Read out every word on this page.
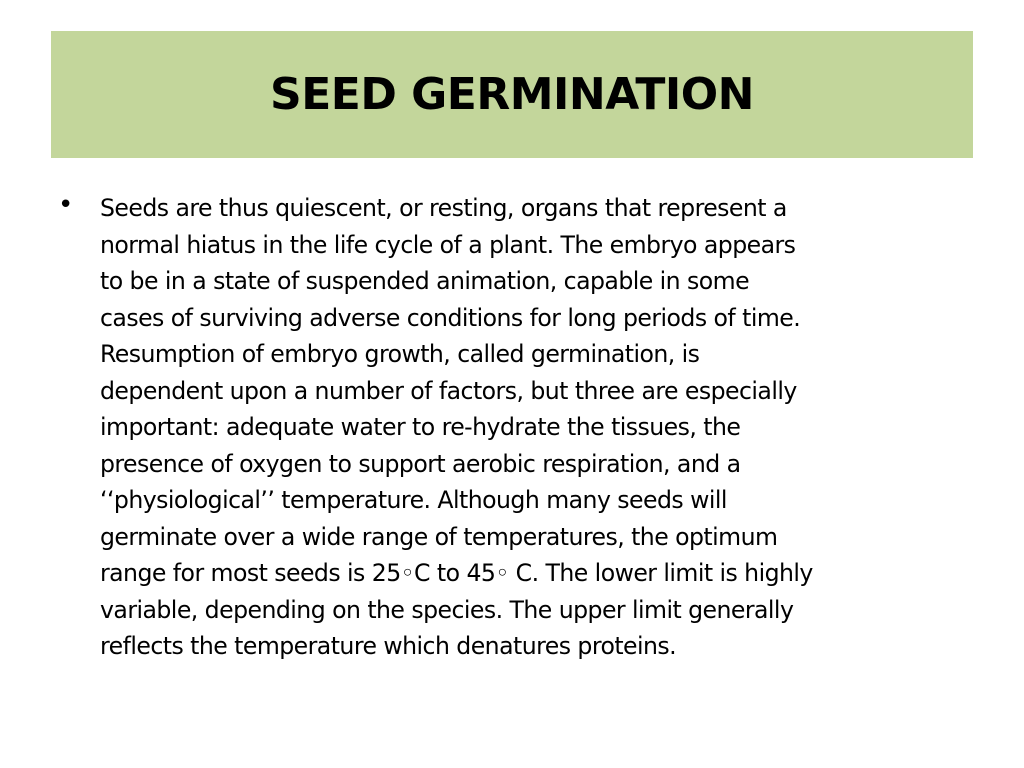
SEED GERMINATION
•	Seeds are thus quiescent, or resting, organs that represent a
normal hiatus in the life cycle of a plant. The embryo appears
to be in a state of suspended animation, capable in some
cases of surviving adverse conditions for long periods of time.
Resumption of embryo growth, called germination, is
dependent upon a number of factors, but three are especially
important: adequate water to re-hydrate the tissues, the
presence of oxygen to support aerobic respiration, and a
‘‘physiological’’ temperature. Although many seeds will
germinate over a wide range of temperatures, the optimum
range for most seeds is 25◦C to 45◦ C. The lower limit is highly
variable, depending on the species. The upper limit generally
reflects the temperature which denatures proteins.
